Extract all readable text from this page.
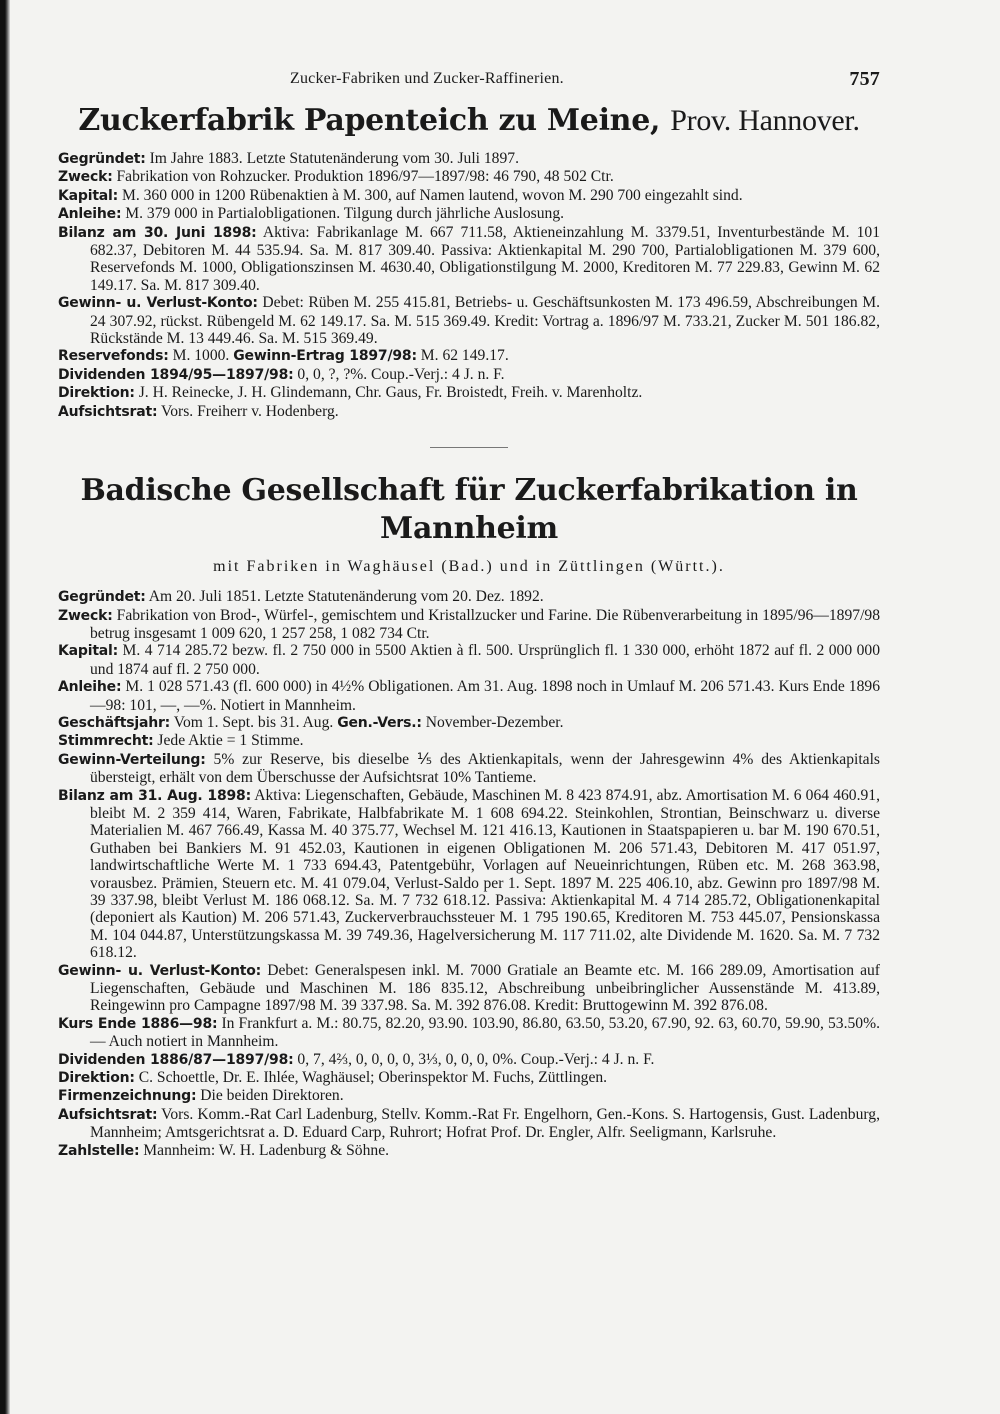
Zucker-Fabriken und Zucker-Raffinerien.	757
Zuckerfabrik Papenteich zu Meine, Prov. Hannover.

Gegründet: Im Jahre 1883. Letzte Statutenänderung vom 30. Juli 1897.

Zweck: Fabrikation von Rohzucker. Produktion 1896/97—1897/98: 46 790, 48 502 Ctr.

Kapital: M. 360 000 in 1200 Rübenaktien à M. 300, auf Namen lautend, wovon M. 290 700 eingezahlt sind.

Anleihe: M. 379 000 in Partialobligationen. Tilgung durch jährliche Auslosung.

Bilanz am 30. Juni 1898: Aktiva: Fabrikanlage M. 667 711.58, Aktieneinzahlung M. 3379.51, Inventurbestände M. 101 682.37, Debitoren M. 44 535.94. Sa. M. 817 309.40. Passiva: Aktienkapital M. 290 700, Partialobligationen M. 379 600, Reservefonds M. 1000, Obligationszinsen M. 4630.40, Obligationstilgung M. 2000, Kreditoren M. 77 229.83, Gewinn M. 62 149.17. Sa. M. 817 309.40.

Gewinn- u. Verlust-Konto: Debet: Rüben M. 255 415.81, Betriebs- u. Geschäftsunkosten M. 173 496.59, Abschreibungen M. 24 307.92, rückst. Rübengeld M. 62 149.17. Sa. M. 515 369.49. Kredit: Vortrag a. 1896/97 M. 733.21, Zucker M. 501 186.82, Rückstände M. 13 449.46. Sa. M. 515 369.49.

Reservefonds: M. 1000. Gewinn-Ertrag 1897/98: M. 62 149.17.

Dividenden 1894/95—1897/98: 0, 0, ?, ?%. Coup.-Verj.: 4 J. n. F.

Direktion: J. H. Reinecke, J. H. Glindemann, Chr. Gaus, Fr. Broistedt, Freih. v. Marenholtz.

Aufsichtsrat: Vors. Freiherr v. Hodenberg.

Badische Gesellschaft für Zuckerfabrikation in Mannheim

mit Fabriken in Waghäusel (Bad.) und in Züttlingen (Württ.).

Gegründet: Am 20. Juli 1851. Letzte Statutenänderung vom 20. Dez. 1892.

Zweck: Fabrikation von Brod-, Würfel-, gemischtem und Kristallzucker und Farine. Die Rübenverarbeitung in 1895/96—1897/98 betrug insgesamt 1 009 620, 1 257 258, 1 082 734 Ctr.

Kapital: M. 4 714 285.72 bezw. fl. 2 750 000 in 5500 Aktien à fl. 500. Ursprünglich fl. 1 330 000, erhöht 1872 auf fl. 2 000 000 und 1874 auf fl. 2 750 000.

Anleihe: M. 1 028 571.43 (fl. 600 000) in 4½% Obligationen. Am 31. Aug. 1898 noch in Umlauf M. 206 571.43. Kurs Ende 1896—98: 101, —, —%. Notiert in Mannheim.

Geschäftsjahr: Vom 1. Sept. bis 31. Aug. Gen.-Vers.: November-Dezember.

Stimmrecht: Jede Aktie = 1 Stimme.

Gewinn-Verteilung: 5% zur Reserve, bis dieselbe ⅕ des Aktienkapitals, wenn der Jahresgewinn 4% des Aktienkapitals übersteigt, erhält von dem Überschusse der Aufsichtsrat 10% Tantieme.

Bilanz am 31. Aug. 1898: Aktiva: Liegenschaften, Gebäude, Maschinen M. 8 423 874.91, abz. Amortisation M. 6 064 460.91, bleibt M. 2 359 414, Waren, Fabrikate, Halbfabrikate M. 1 608 694.22. Steinkohlen, Strontian, Beinschwarz u. diverse Materialien M. 467 766.49, Kassa M. 40 375.77, Wechsel M. 121 416.13, Kautionen in Staatspapieren u. bar M. 190 670.51, Guthaben bei Bankiers M. 91 452.03, Kautionen in eigenen Obligationen M. 206 571.43, Debitoren M. 417 051.97, landwirtschaftliche Werte M. 1 733 694.43, Patentgebühr, Vorlagen auf Neueinrichtungen, Rüben etc. M. 268 363.98, vorausbez. Prämien, Steuern etc. M. 41 079.04, Verlust-Saldo per 1. Sept. 1897 M. 225 406.10, abz. Gewinn pro 1897/98 M. 39 337.98, bleibt Verlust M. 186 068.12. Sa. M. 7 732 618.12. Passiva: Aktienkapital M. 4 714 285.72, Obligationenkapital (deponiert als Kaution) M. 206 571.43, Zuckerverbrauchssteuer M. 1 795 190.65, Kreditoren M. 753 445.07, Pensionskassa M. 104 044.87, Unterstützungskassa M. 39 749.36, Hagelversicherung M. 117 711.02, alte Dividende M. 1620. Sa. M. 7 732 618.12.

Gewinn- u. Verlust-Konto: Debet: Generalspesen inkl. M. 7000 Gratiale an Beamte etc. M. 166 289.09, Amortisation auf Liegenschaften, Gebäude und Maschinen M. 186 835.12, Abschreibung unbeibringlicher Aussenstände M. 413.89, Reingewinn pro Campagne 1897/98 M. 39 337.98. Sa. M. 392 876.08. Kredit: Bruttogewinn M. 392 876.08.

Kurs Ende 1886—98: In Frankfurt a. M.: 80.75, 82.20, 93.90. 103.90, 86.80, 63.50, 53.20, 67.90, 92. 63, 60.70, 59.90, 53.50%. — Auch notiert in Mannheim.

Dividenden 1886/87—1897/98: 0, 7, 4⅔, 0, 0, 0, 0, 3⅓, 0, 0, 0, 0%. Coup.-Verj.: 4 J. n. F.

Direktion: C. Schoettle, Dr. E. Ihlée, Waghäusel; Oberinspektor M. Fuchs, Züttlingen.

Firmenzeichnung: Die beiden Direktoren.

Aufsichtsrat: Vors. Komm.-Rat Carl Ladenburg, Stellv. Komm.-Rat Fr. Engelhorn, Gen.-Kons. S. Hartogensis, Gust. Ladenburg, Mannheim; Amtsgerichtsrat a. D. Eduard Carp, Ruhrort; Hofrat Prof. Dr. Engler, Alfr. Seeligmann, Karlsruhe.

Zahlstelle: Mannheim: W. H. Ladenburg & Söhne.
